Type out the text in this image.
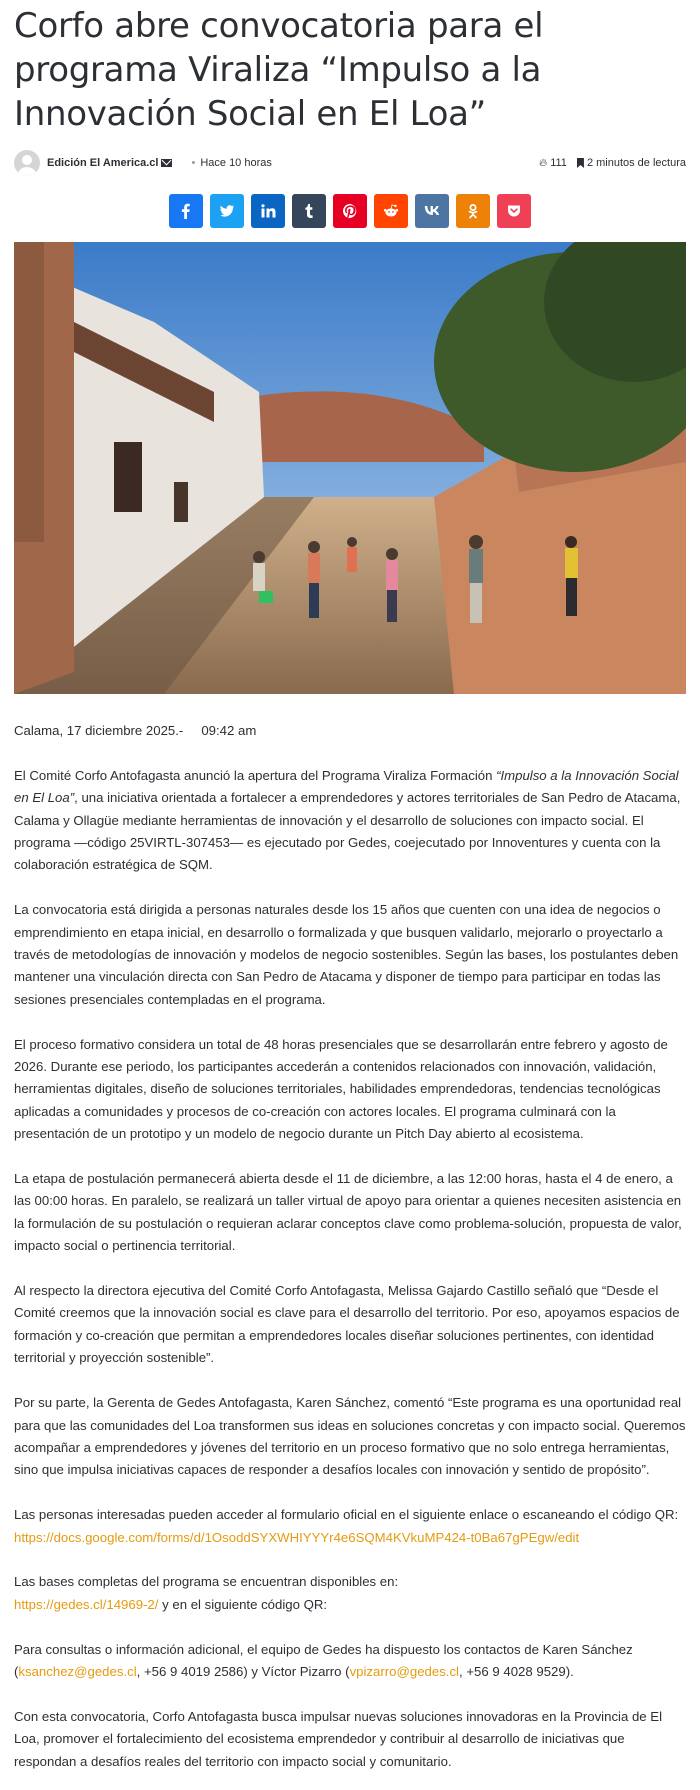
Corfo abre convocatoria para el programa Viraliza “Impulso a la Innovación Social en El Loa”
Edición El America.cl	• Hace 10 horas	🔥︎ 111 2 minutos de lectura

Calama, 17 diciembre 2025.- 09:42 am

El Comité Corfo Antofagasta anunció la apertura del Programa Viraliza Formación “Impulso a la Innovación Social en El Loa”, una iniciativa orientada a fortalecer a emprendedores y actores territoriales de San Pedro de Atacama, Calama y Ollagüe mediante herramientas de innovación y el desarrollo de soluciones con impacto social. El programa —código 25VIRTL-307453— es ejecutado por Gedes, coejecutado por Innoventures y cuenta con la colaboración estratégica de SQM.

La convocatoria está dirigida a personas naturales desde los 15 años que cuenten con una idea de negocios o emprendimiento en etapa inicial, en desarrollo o formalizada y que busquen validarlo, mejorarlo o proyectarlo a través de metodologías de innovación y modelos de negocio sostenibles. Según las bases, los postulantes deben mantener una vinculación directa con San Pedro de Atacama y disponer de tiempo para participar en todas las sesiones presenciales contempladas en el programa.

El proceso formativo considera un total de 48 horas presenciales que se desarrollarán entre febrero y agosto de 2026. Durante ese periodo, los participantes accederán a contenidos relacionados con innovación, validación, herramientas digitales, diseño de soluciones territoriales, habilidades emprendedoras, tendencias tecnológicas aplicadas a comunidades y procesos de co-creación con actores locales. El programa culminará con la presentación de un prototipo y un modelo de negocio durante un Pitch Day abierto al ecosistema.

La etapa de postulación permanecerá abierta desde el 11 de diciembre, a las 12:00 horas, hasta el 4 de enero, a las 00:00 horas. En paralelo, se realizará un taller virtual de apoyo para orientar a quienes necesiten asistencia en la formulación de su postulación o requieran aclarar conceptos clave como problema-solución, propuesta de valor, impacto social o pertinencia territorial.

Al respecto la directora ejecutiva del Comité Corfo Antofagasta, Melissa Gajardo Castillo señaló que “Desde el Comité creemos que la innovación social es clave para el desarrollo del territorio. Por eso, apoyamos espacios de formación y co-creación que permitan a emprendedores locales diseñar soluciones pertinentes, con identidad territorial y proyección sostenible”.

Por su parte, la Gerenta de Gedes Antofagasta, Karen Sánchez, comentó “Este programa es una oportunidad real para que las comunidades del Loa transformen sus ideas en soluciones concretas y con impacto social. Queremos acompañar a emprendedores y jóvenes del territorio en un proceso formativo que no solo entrega herramientas, sino que impulsa iniciativas capaces de responder a desafíos locales con innovación y sentido de propósito”.

Las personas interesadas pueden acceder al formulario oficial en el siguiente enlace o escaneando el código QR:
https://docs.google.com/forms/d/1OsoddSYXWHIYYYr4e6SQM4KVkuMP424-t0Ba67gPEgw/edit

Las bases completas del programa se encuentran disponibles en:
https://gedes.cl/14969-2/ y en el siguiente código QR:

Para consultas o información adicional, el equipo de Gedes ha dispuesto los contactos de Karen Sánchez (ksanchez@gedes.cl, +56 9 4019 2586) y Víctor Pizarro (vpizarro@gedes.cl, +56 9 4028 9529).

Con esta convocatoria, Corfo Antofagasta busca impulsar nuevas soluciones innovadoras en la Provincia de El Loa, promover el fortalecimiento del ecosistema emprendedor y contribuir al desarrollo de iniciativas que respondan a desafíos reales del territorio con impacto social y comunitario.
